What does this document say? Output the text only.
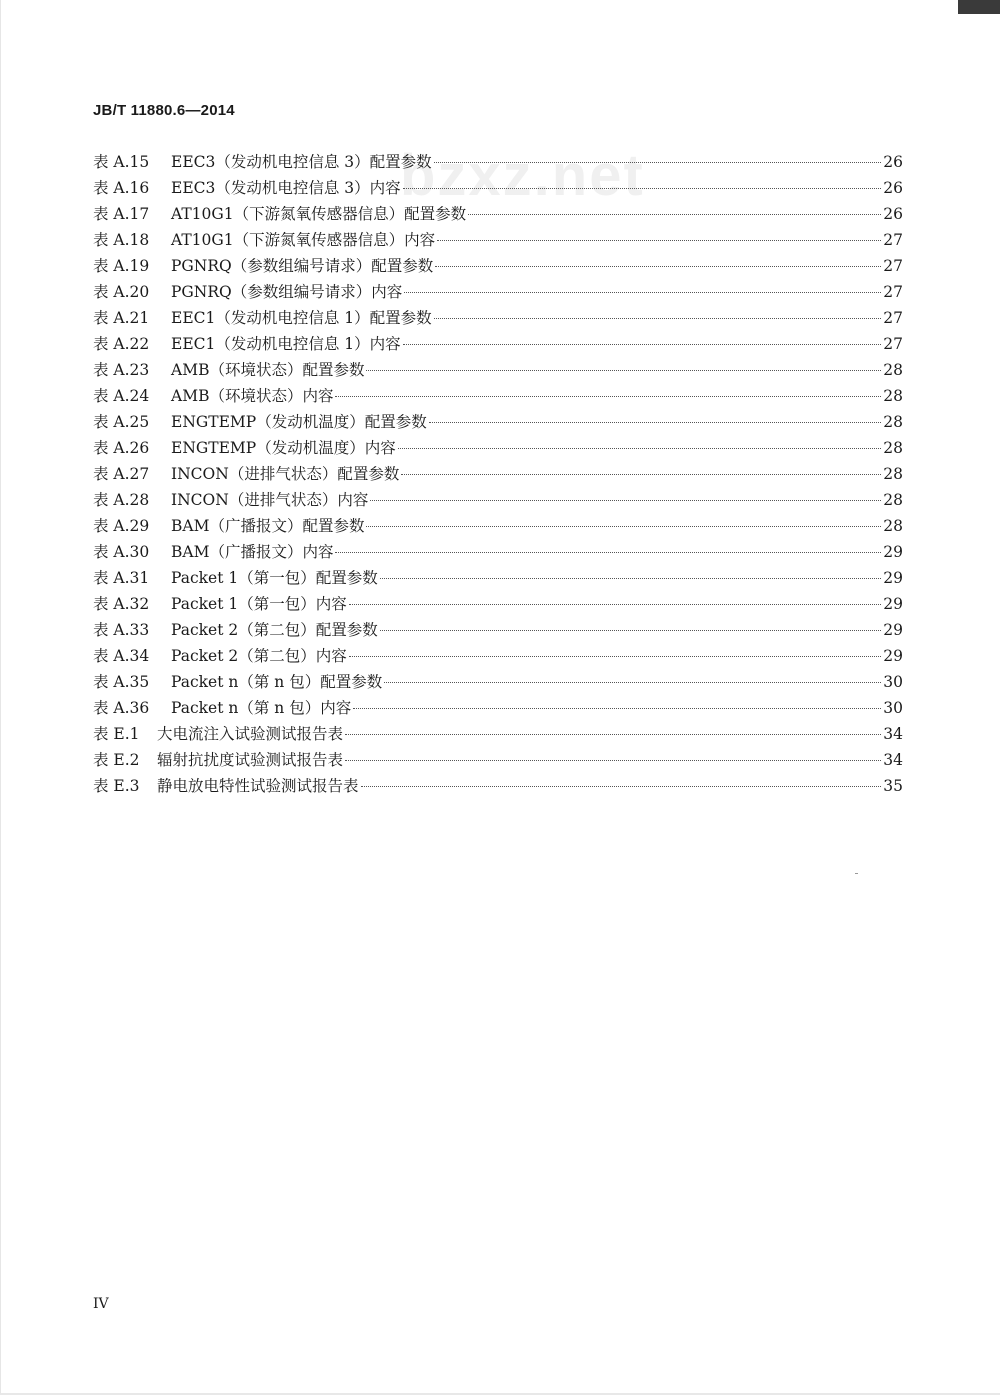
bzxz.net
JB/T 11880.6—2014
表 A.15 EEC3（发动机电控信息 3）配置参数	26
表 A.16 EEC3（发动机电控信息 3）内容	26
表 A.17 AT10G1（下游氮氧传感器信息）配置参数	26
表 A.18 AT10G1（下游氮氧传感器信息）内容	27
表 A.19 PGNRQ（参数组编号请求）配置参数	27
表 A.20 PGNRQ（参数组编号请求）内容	27
表 A.21 EEC1（发动机电控信息 1）配置参数	27
表 A.22 EEC1（发动机电控信息 1）内容	27
表 A.23 AMB（环境状态）配置参数	28
表 A.24 AMB（环境状态）内容	28
表 A.25 ENGTEMP（发动机温度）配置参数	28
表 A.26 ENGTEMP（发动机温度）内容	28
表 A.27 INCON（进排气状态）配置参数	28
表 A.28 INCON（进排气状态）内容	28
表 A.29 BAM（广播报文）配置参数	28
表 A.30 BAM（广播报文）内容	29
表 A.31 Packet 1（第一包）配置参数	29
表 A.32 Packet 1（第一包）内容	29
表 A.33 Packet 2（第二包）配置参数	29
表 A.34 Packet 2（第二包）内容	29
表 A.35 Packet n（第 n 包）配置参数	30
表 A.36 Packet n（第 n 包）内容	30
表 E.1 大电流注入试验测试报告表	34
表 E.2 辐射抗扰度试验测试报告表	34
表 E.3 静电放电特性试验测试报告表	35
IV
